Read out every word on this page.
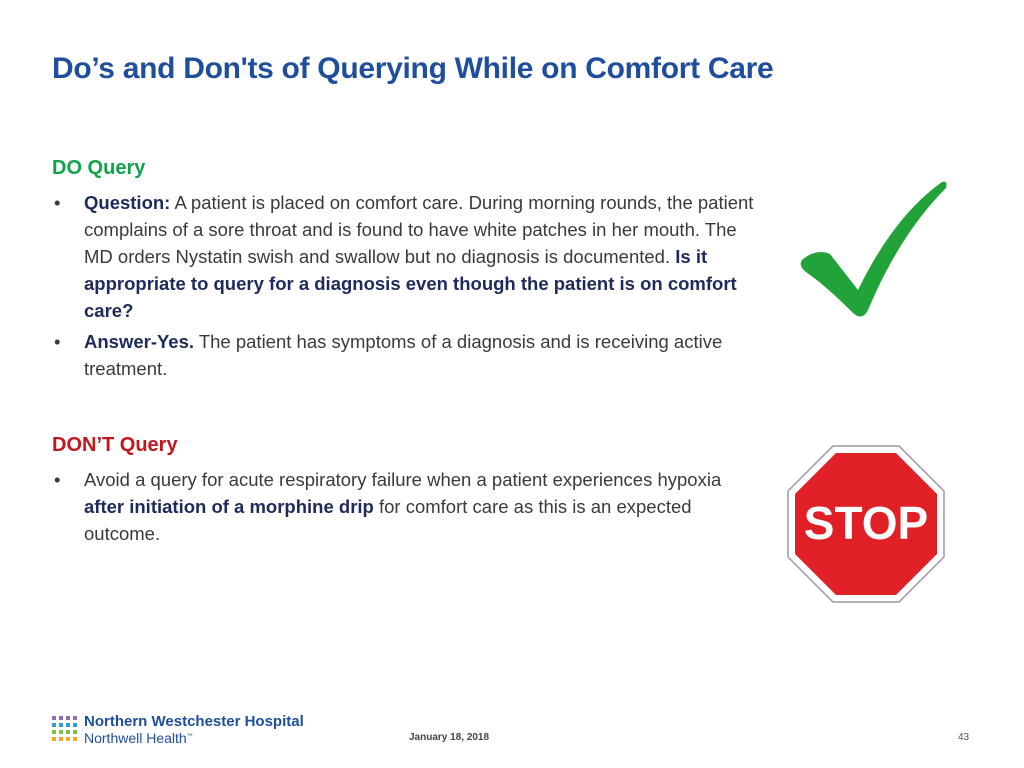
Do’s and Don'ts of Querying While on Comfort Care
DO Query
• Question: A patient is placed on comfort care. During morning rounds, the patient complains of a sore throat and is found to have white patches in her mouth. The MD orders Nystatin swish and swallow but no diagnosis is documented. Is it appropriate to query for a diagnosis even though the patient is on comfort care?
• Answer-Yes. The patient has symptoms of a diagnosis and is receiving active treatment.
DON’T Query
• Avoid a query for acute respiratory failure when a patient experiences hypoxia after initiation of a morphine drip for comfort care as this is an expected outcome.	STOP
Northern Westchester Hospital
Northwell Health™	January 18, 2018	43
